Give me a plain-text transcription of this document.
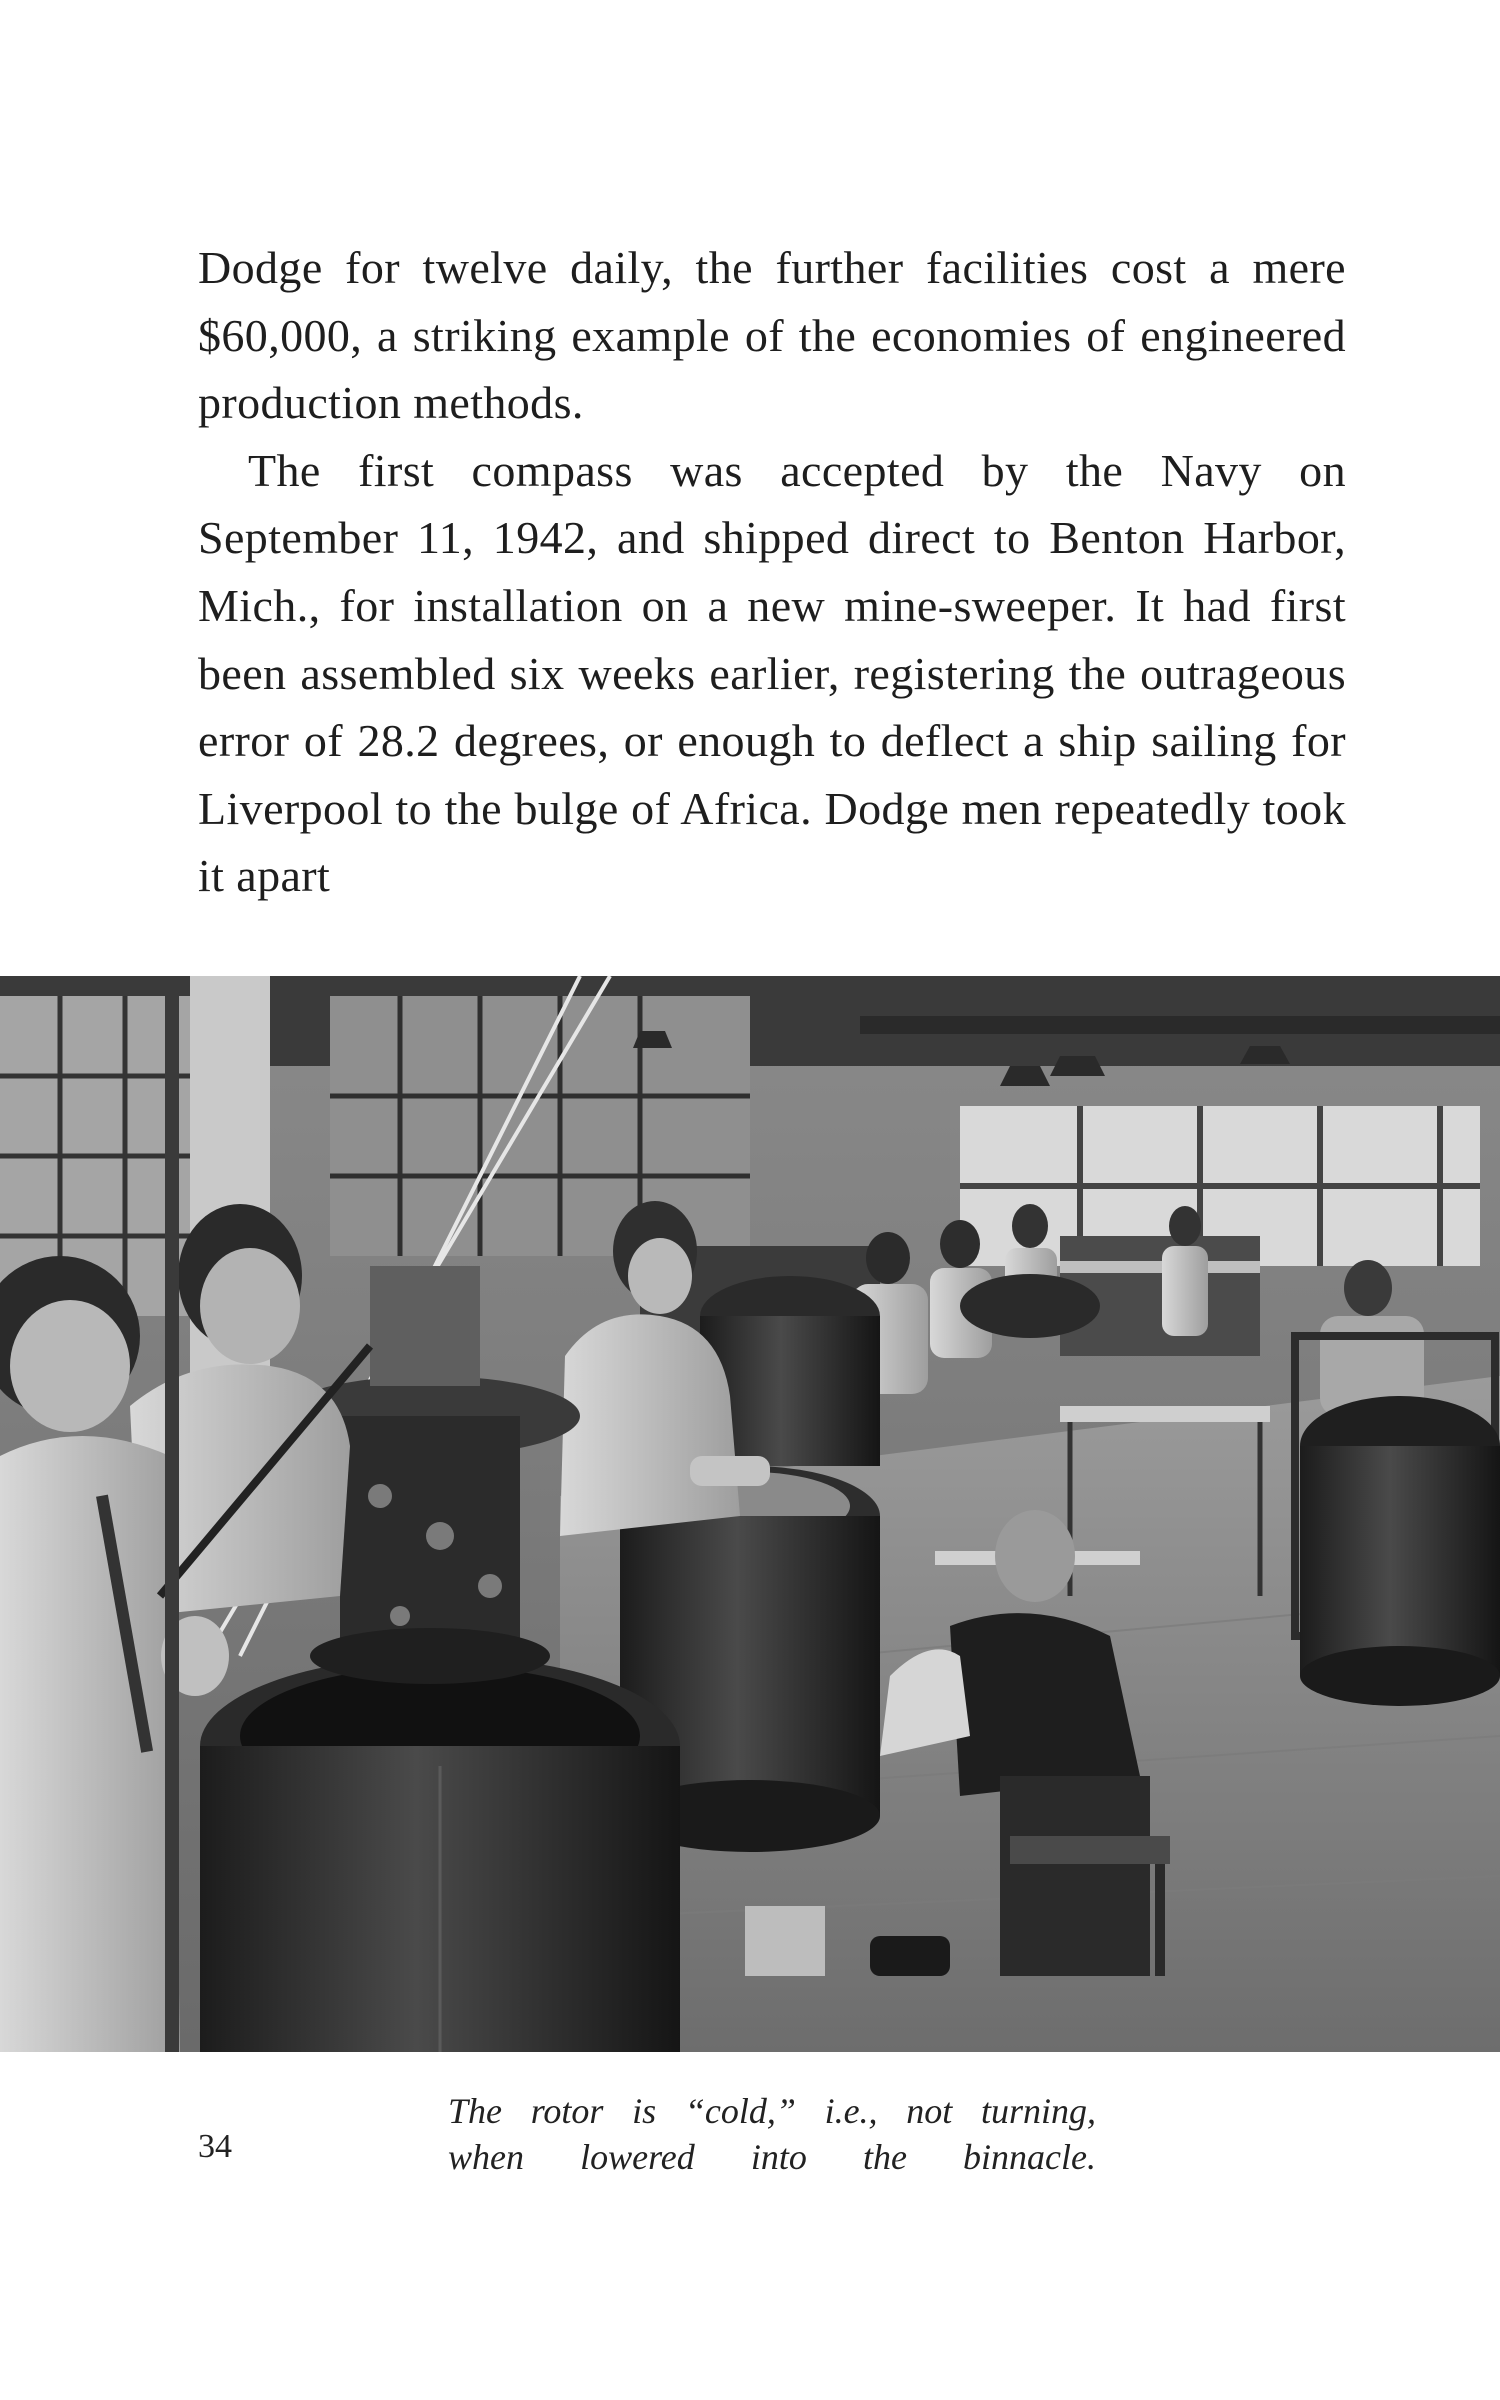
Dodge for twelve daily, the further facilities cost a mere $60,000, a striking example of the economies of engineered production methods.

The first compass was accepted by the Navy on September 11, 1942, and shipped direct to Benton Harbor, Mich., for installation on a new mine-sweeper. It had first been assembled six weeks earlier, registering the outrageous error of 28.2 degrees, or enough to deflect a ship sailing for Liverpool to the bulge of Africa. Dodge men repeatedly took it apart

34
The rotor is “cold,” i.e., not turning,
when lowered into the binnacle.
